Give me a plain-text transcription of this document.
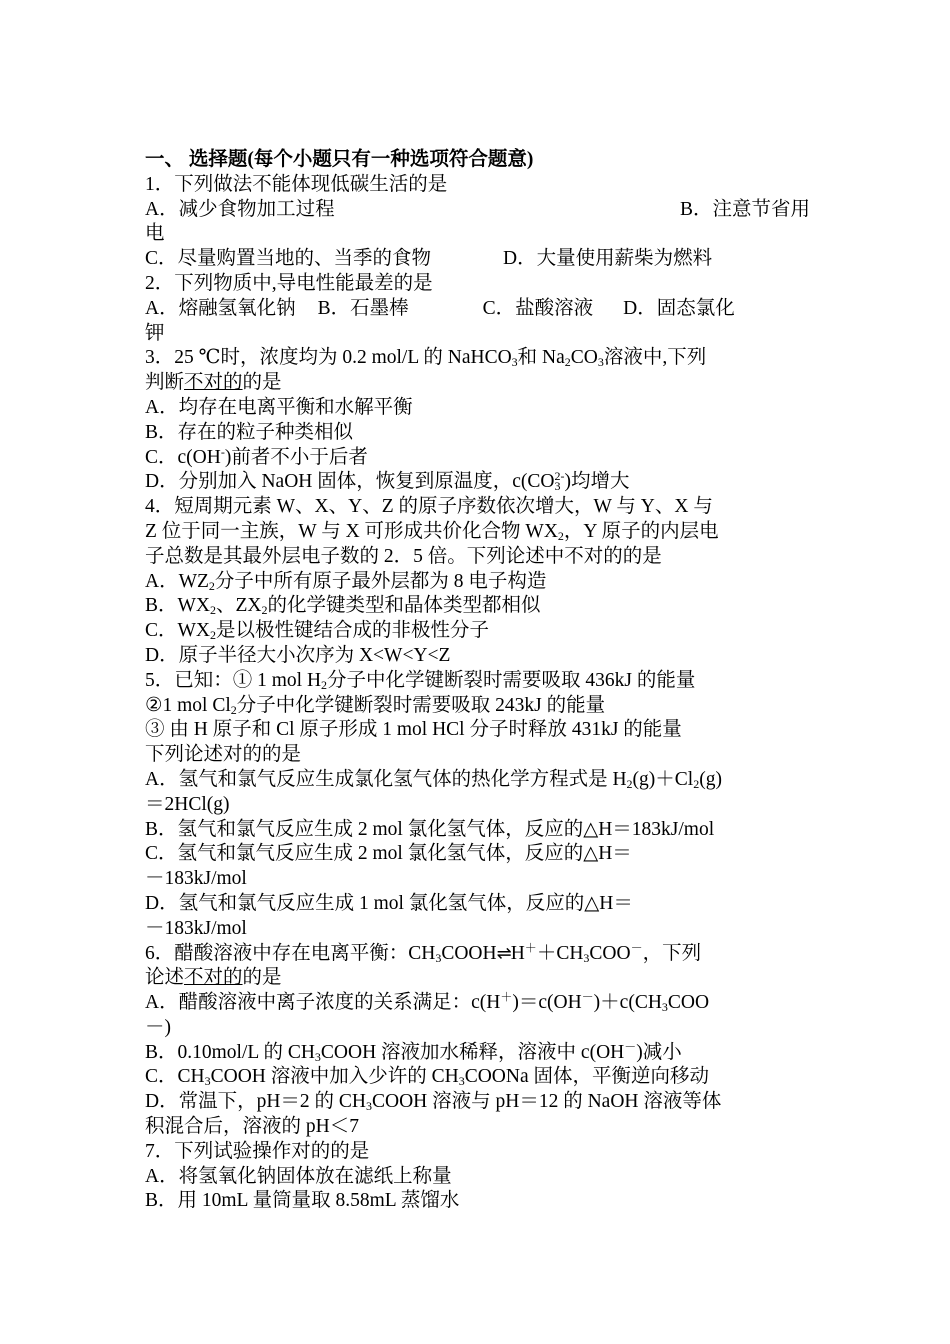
一、 选择题(每个小题只有一种选项符合题意)
1．下列做法不能体现低碳生活的是
A．减少食物加工过程	B．注意节省用
电
C．尽量购置当地的、当季的食物	D．大量使用薪柴为燃料
2．下列物质中,导电性能最差的是
A．熔融氢氧化钠 B．石墨棒	C．盐酸溶液 D．固态氯化
钾
3．25 ℃时，浓度均为 0.2 mol/L 的 NaHCO$_3$和 $Na_2CO_3$溶液中,下列
判断不对的的是
A．均存在电离平衡和水解平衡
B．存在的粒子种类相似
C．c(OH-)前者不小于后者
D．分别加入 NaOH 固体，恢复到原温度，$c(CO_3^{2-})$均增大
4．短周期元素 W、X、Y、Z 的原子序数依次增大，W 与 Y、X 与
Z 位于同一主族，W 与 X 可形成共价化合物 $WX_2$，Y 原子的内层电
子总数是其最外层电子数的 2．5 倍。下列论述中不对的的是
A．$WZ_2$分子中所有原子最外层都为 8 电子构造
B．$WX_2$、$ZX_2$的化学键类型和晶体类型都相似
C．$WX_2$是以极性键结合成的非极性分子
D．原子半径大小次序为 X<W<Y<Z
5．已知：① 1 mol $H_2$分子中化学键断裂时需要吸取 436kJ 的能量
②1 mol $Cl_2$分子中化学键断裂时需要吸取 243kJ 的能量
③ 由 H 原子和 Cl 原子形成 1 mol HCl 分子时释放 431kJ 的能量
下列论述对的的是
A．氢气和氯气反应生成氯化氢气体的热化学方程式是 $H_2(g)+Cl_2(g)$
＝2HCl(g)
B．氢气和氯气反应生成 2 mol 氯化氢气体，反应的△H＝183kJ/mol
C．氢气和氯气反应生成 2 mol 氯化氢气体，反应的△H＝
－183kJ/mol
D．氢气和氯气反应生成 1 mol 氯化氢气体，反应的△H＝
－183kJ/mol
6．醋酸溶液中存在电离平衡：$CH_3COOH\rightleftharpoons H^++CH_3COO^-$，下列
论述不对的的是
A．醋酸溶液中离子浓度的关系满足：$c(H^+)=c(OH^-)+c(CH_3COO$
－)
B．0.10mol/L 的 $CH_3COOH$ 溶液加水稀释，溶液中 c(OH－)减小
C．$CH_3COOH$ 溶液中加入少许的 $CH_3COONa$ 固体，平衡逆向移动
D．常温下，pH＝2 的 $CH_3COOH$ 溶液与 pH＝12 的 NaOH 溶液等体
积混合后，溶液的 pH＜7
7．下列试验操作对的的是
A．将氢氧化钠固体放在滤纸上称量
B．用 10mL 量筒量取 8.58mL 蒸馏水
